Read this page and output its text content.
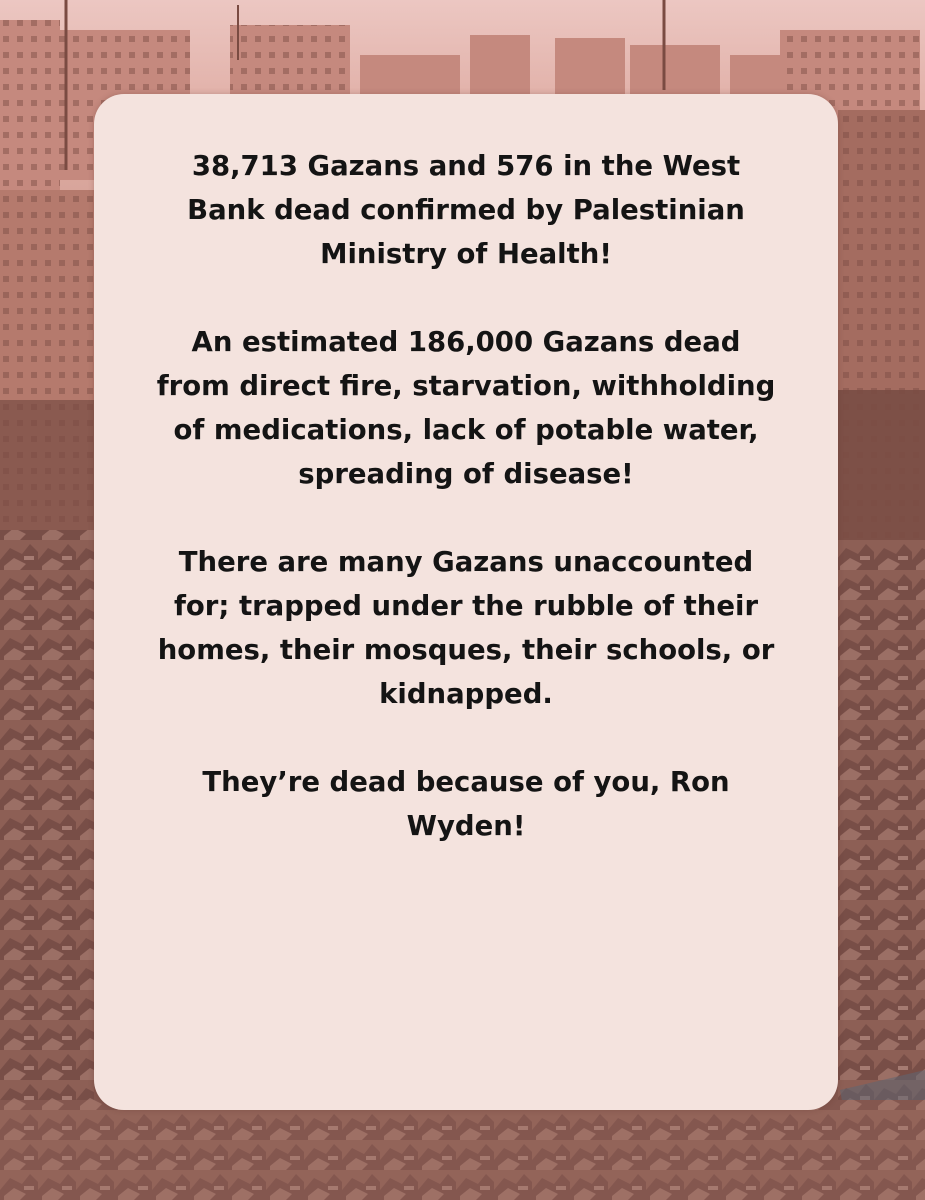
38,713 Gazans and 576 in the West Bank dead confirmed by Palestinian Ministry of Health!

An estimated 186,000 Gazans dead from direct fire, starvation, withholding of medications, lack of potable water, spreading of disease!

There are many Gazans unaccounted for; trapped under the rubble of their homes, their mosques, their schools, or kidnapped.

They’re dead because of you, Ron Wyden!
